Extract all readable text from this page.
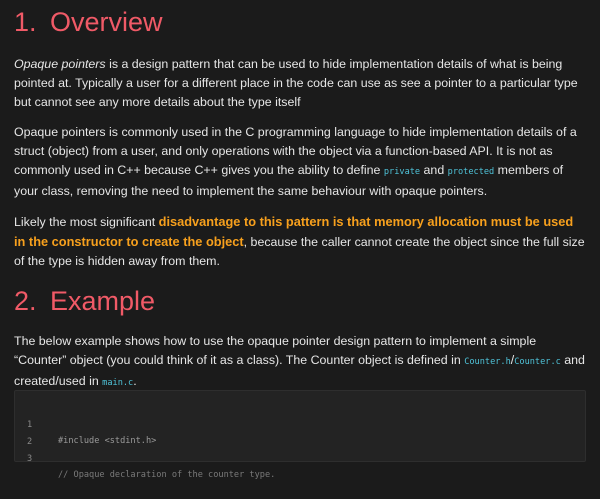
1. Overview

Opaque pointers is a design pattern that can be used to hide implementation details of what is being pointed at. Typically a user for a different place in the code can use as see a pointer to a particular type but cannot see any more details about the type itself

Opaque pointers is commonly used in the C programming language to hide implementation details of a struct (object) from a user, and only operations with the object via a function-based API. It is not as commonly used in C++ because C++ gives you the ability to define private and protected members of your class, removing the need to implement the same behaviour with opaque pointers.

Likely the most significant disadvantage to this pattern is that memory allocation must be used in the constructor to create the object, because the caller cannot create the object since the full size of the type is hidden away from them.

2. Example

The below example shows how to use the opaque pointer design pattern to implement a simple “Counter” object (you could think of it as a class). The Counter object is defined in Counter.h/Counter.c and created/used in main.c.

1

#include <stdint.h>

2

3

// Opaque declaration of the counter type.
